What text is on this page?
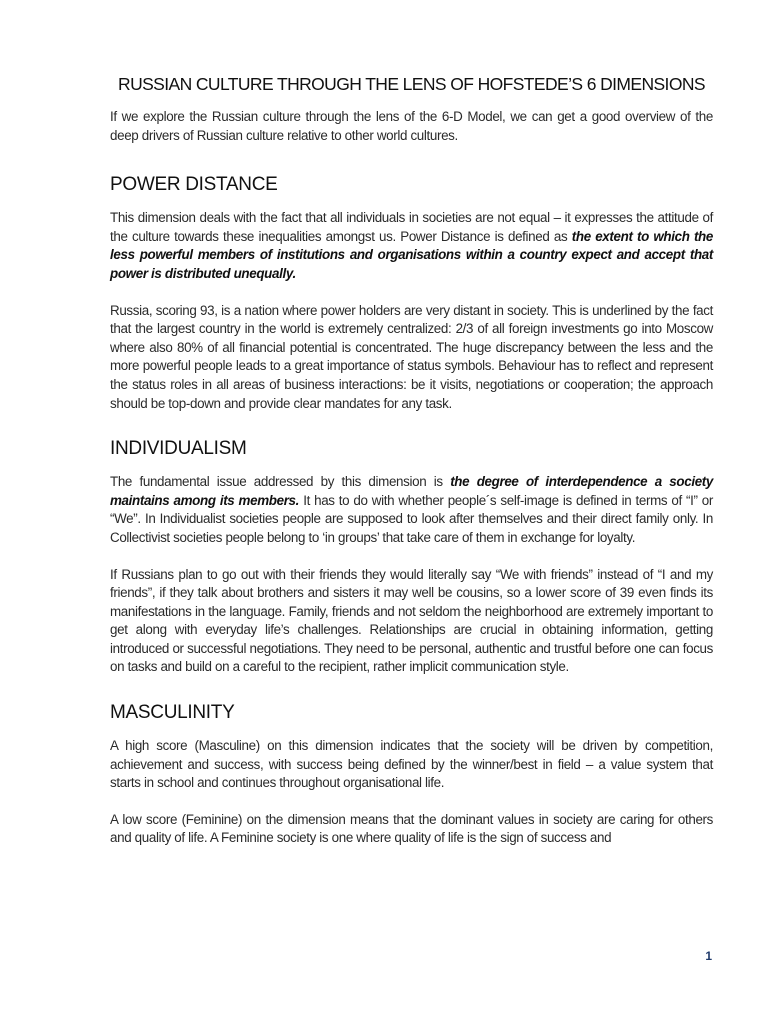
RUSSIAN CULTURE THROUGH THE LENS OF HOFSTEDE’S 6 DIMENSIONS

If we explore the Russian culture through the lens of the 6-D Model, we can get a good overview of the deep drivers of Russian culture relative to other world cultures.

POWER DISTANCE

This dimension deals with the fact that all individuals in societies are not equal – it expresses the attitude of the culture towards these inequalities amongst us. Power Distance is defined as the extent to which the less powerful members of institutions and organisations within a country expect and accept that power is distributed unequally.

Russia, scoring 93, is a nation where power holders are very distant in society. This is underlined by the fact that the largest country in the world is extremely centralized: 2/3 of all foreign investments go into Moscow where also 80% of all financial potential is concentrated. The huge discrepancy between the less and the more powerful people leads to a great importance of status symbols. Behaviour has to reflect and represent the status roles in all areas of business interactions: be it visits, negotiations or cooperation; the approach should be top-down and provide clear mandates for any task.

INDIVIDUALISM

The fundamental issue addressed by this dimension is the degree of interdependence a society maintains among its members. It has to do with whether people´s self-image is defined in terms of “I” or “We”. In Individualist societies people are supposed to look after themselves and their direct family only. In Collectivist societies people belong to ‘in groups’ that take care of them in exchange for loyalty.

If Russians plan to go out with their friends they would literally say “We with friends” instead of “I and my friends”, if they talk about brothers and sisters it may well be cousins, so a lower score of 39 even finds its manifestations in the language. Family, friends and not seldom the neighborhood are extremely important to get along with everyday life’s challenges. Relationships are crucial in obtaining information, getting introduced or successful negotiations. They need to be personal, authentic and trustful before one can focus on tasks and build on a careful to the recipient, rather implicit communication style.

MASCULINITY

A high score (Masculine) on this dimension indicates that the society will be driven by competition, achievement and success, with success being defined by the winner/best in field – a value system that starts in school and continues throughout organisational life.

A low score (Feminine) on the dimension means that the dominant values in society are caring for others and quality of life. A Feminine society is one where quality of life is the sign of success and

1
